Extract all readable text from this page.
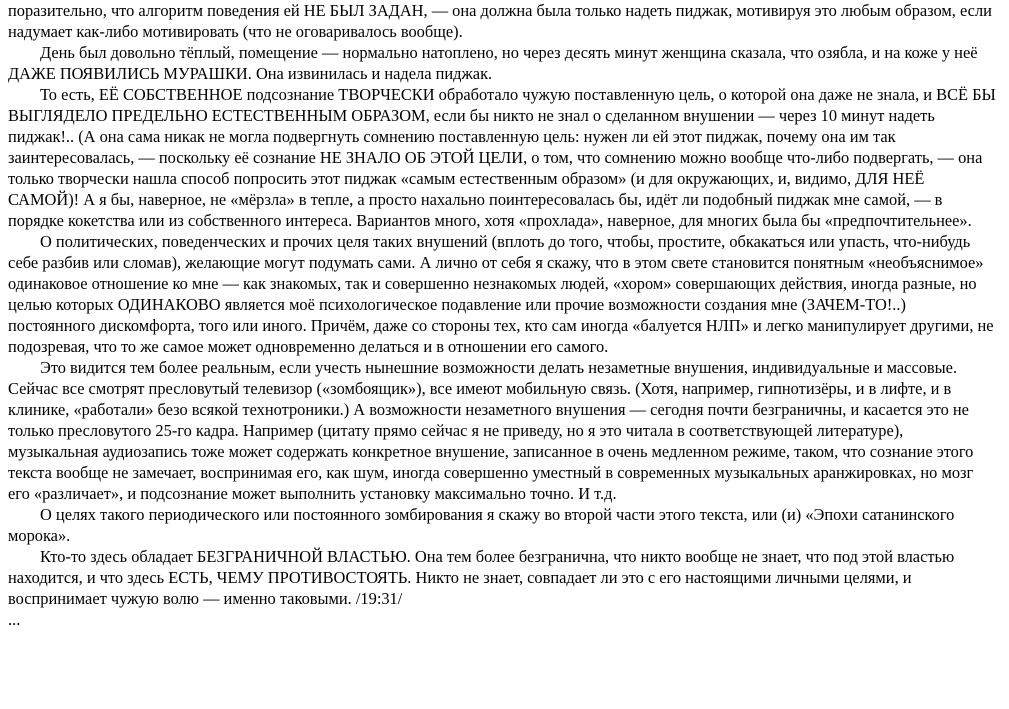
поразительно, что алгоритм поведения ей НЕ БЫЛ ЗАДАН, — она должна была только надеть пиджак, мотивируя это любым образом, если надумает как-либо мотивировать (что не оговаривалось вообще).

День был довольно тёплый, помещение — нормально натоплено, но через десять минут женщина сказала, что озябла, и на коже у неё ДАЖЕ ПОЯВИЛИСЬ МУРАШКИ. Она извинилась и надела пиджак.

То есть, ЕЁ СОБСТВЕННОЕ подсознание ТВОРЧЕСКИ обработало чужую поставленную цель, о которой она даже не знала, и ВСЁ БЫ ВЫГЛЯДЕЛО ПРЕДЕЛЬНО ЕСТЕСТВЕННЫМ ОБРАЗОМ, если бы никто не знал о сделанном внушении — через 10 минут надеть пиджак!.. (А она сама никак не могла подвергнуть сомнению поставленную цель: нужен ли ей этот пиджак, почему она им так заинтересовалась, — поскольку её сознание НЕ ЗНАЛО ОБ ЭТОЙ ЦЕЛИ, о том, что сомнению можно вообще что-либо подвергать, — она только творчески нашла способ попросить этот пиджак «самым естественным образом» (и для окружающих, и, видимо, ДЛЯ НЕЁ САМОЙ)! А я бы, наверное, не «мёрзла» в тепле, а просто нахально поинтересовалась бы, идёт ли подобный пиджак мне самой, — в порядке кокетства или из собственного интереса. Вариантов много, хотя «прохлада», наверное, для многих была бы «предпочтительнее».

О политических, поведенческих и прочих целя таких внушений (вплоть до того, чтобы, простите, обкакаться или упасть, что-нибудь себе разбив или сломав), желающие могут подумать сами. А лично от себя я скажу, что в этом свете становится понятным «необъяснимое» одинаковое отношение ко мне — как знакомых, так и совершенно незнакомых людей, «хором» совершающих действия, иногда разные, но целью которых ОДИНАКОВО является моё психологическое подавление или прочие возможности создания мне (ЗАЧЕМ-ТО!..) постоянного дискомфорта, того или иного. Причём, даже со стороны тех, кто сам иногда «балуется НЛП» и легко манипулирует другими, не подозревая, что то же самое может одновременно делаться и в отношении его самого.

Это видится тем более реальным, если учесть нынешние возможности делать незаметные внушения, индивидуальные и массовые. Сейчас все смотрят пресловутый телевизор («зомбоящик»), все имеют мобильную связь. (Хотя, например, гипнотизёры, и в лифте, и в клинике, «работали» безо всякой технотроники.) А возможности незаметного внушения — сегодня почти безграничны, и касается это не только пресловутого 25-го кадра. Например (цитату прямо сейчас я не приведу, но я это читала в соответствующей литературе), музыкальная аудиозапись тоже может содержать конкретное внушение, записанное в очень медленном режиме, таком, что сознание этого текста вообще не замечает, воспринимая его, как шум, иногда совершенно уместный в современных музыкальных аранжировках, но мозг его «различает», и подсознание может выполнить установку максимально точно. И т.д.

О целях такого периодического или постоянного зомбирования я скажу во второй части этого текста, или (и) «Эпохи сатанинского морока».

Кто-то здесь обладает БЕЗГРАНИЧНОЙ ВЛАСТЬЮ. Она тем более безгранична, что никто вообще не знает, что под этой властью находится, и что здесь ЕСТЬ, ЧЕМУ ПРОТИВОСТОЯТЬ. Никто не знает, совпадает ли это с его настоящими личными целями, и воспринимает чужую волю — именно таковыми. /19:31/

...
